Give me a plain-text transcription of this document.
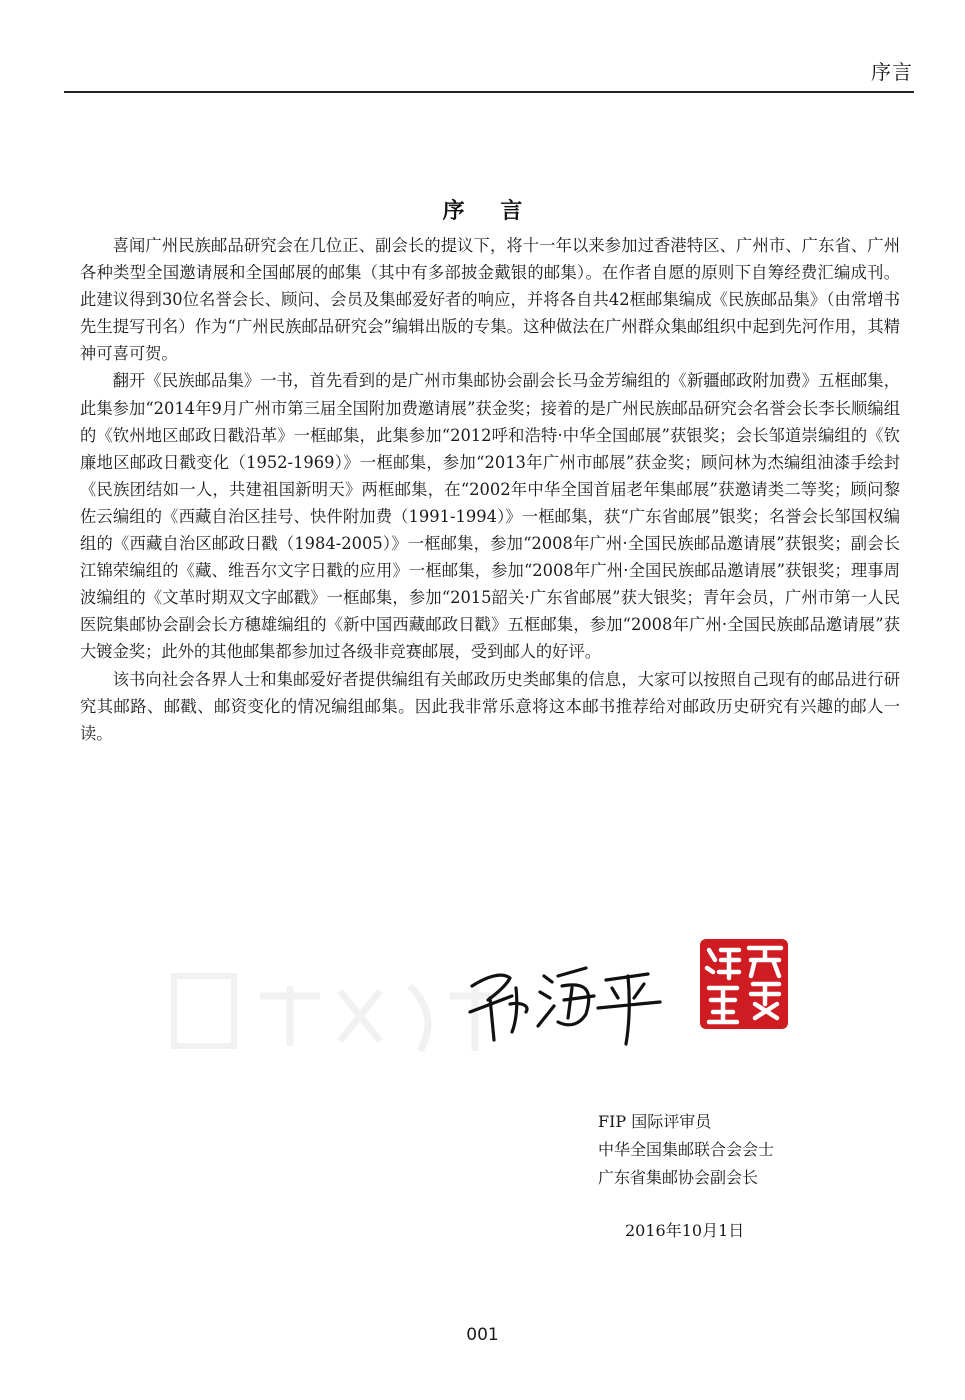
序言
序 言

喜闻广州民族邮品研究会在几位正、副会长的提议下，将十一年以来参加过香港特区、广州市、广东省、广州各种类型全国邀请展和全国邮展的邮集（其中有多部披金戴银的邮集）。在作者自愿的原则下自筹经费汇编成刊。此建议得到30位名誉会长、顾问、会员及集邮爱好者的响应，并将各自共42框邮集编成《民族邮品集》（由常增书先生提写刊名）作为“广州民族邮品研究会”编辑出版的专集。这种做法在广州群众集邮组织中起到先河作用，其精神可喜可贺。

翻开《民族邮品集》一书，首先看到的是广州市集邮协会副会长马金芳编组的《新疆邮政附加费》五框邮集，此集参加“2014年9月广州市第三届全国附加费邀请展”获金奖；接着的是广州民族邮品研究会名誉会长李长顺编组的《钦州地区邮政日戳沿革》一框邮集，此集参加“2012呼和浩特·中华全国邮展”获银奖；会长邹道崇编组的《钦廉地区邮政日戳变化（1952-1969）》一框邮集，参加“2013年广州市邮展”获金奖；顾问林为杰编组油漆手绘封《民族团结如一人，共建祖国新明天》两框邮集，在“2002年中华全国首届老年集邮展”获邀请类二等奖；顾问黎佐云编组的《西藏自治区挂号、快件附加费（1991-1994）》一框邮集，获“广东省邮展”银奖；名誉会长邹国权编组的《西藏自治区邮政日戳（1984-2005）》一框邮集，参加“2008年广州·全国民族邮品邀请展”获银奖；副会长江锦荣编组的《藏、维吾尔文字日戳的应用》一框邮集，参加“2008年广州·全国民族邮品邀请展”获银奖；理事周波编组的《文革时期双文字邮戳》一框邮集，参加“2015韶关·广东省邮展”获大银奖；青年会员，广州市第一人民医院集邮协会副会长方穗雄编组的《新中国西藏邮政日戳》五框邮集，参加“2008年广州·全国民族邮品邀请展”获大镀金奖；此外的其他邮集都参加过各级非竞赛邮展，受到邮人的好评。

该书向社会各界人士和集邮爱好者提供编组有关邮政历史类邮集的信息，大家可以按照自己现有的邮品进行研究其邮路、邮戳、邮资变化的情况编组邮集。因此我非常乐意将这本邮书推荐给对邮政历史研究有兴趣的邮人一读。

FIP 国际评审员
中华全国集邮联合会会士
广东省集邮协会副会长
2016年10月1日
001
